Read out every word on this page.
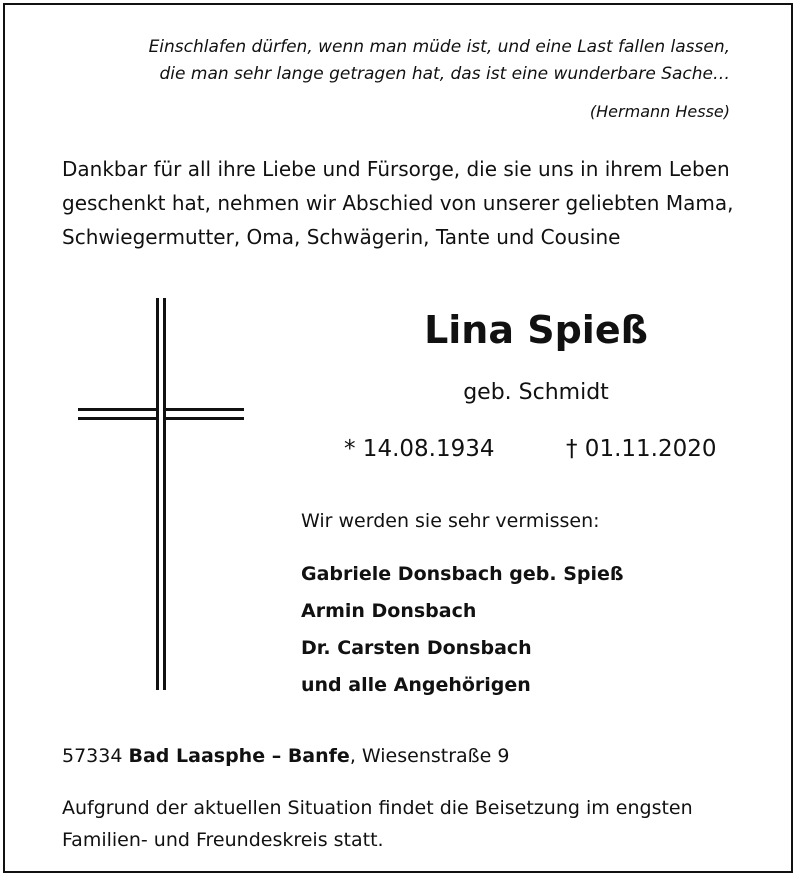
Einschlafen dürfen, wenn man müde ist, und eine Last fallen lassen,
die man sehr lange getragen hat, das ist eine wunderbare Sache…
(Hermann Hesse)
Dankbar für all ihre Liebe und Fürsorge, die sie uns in ihrem Leben
geschenkt hat, nehmen wir Abschied von unserer geliebten Mama,
Schwiegermutter, Oma, Schwägerin, Tante und Cousine
Lina Spieß
geb. Schmidt
* 14.08.1934	† 01.11.2020
Wir werden sie sehr vermissen:
Gabriele Donsbach geb. Spieß
Armin Donsbach
Dr. Carsten Donsbach
und alle Angehörigen
57334 Bad Laasphe – Banfe, Wiesenstraße 9
Aufgrund der aktuellen Situation findet die Beisetzung im engsten
Familien- und Freundeskreis statt.
